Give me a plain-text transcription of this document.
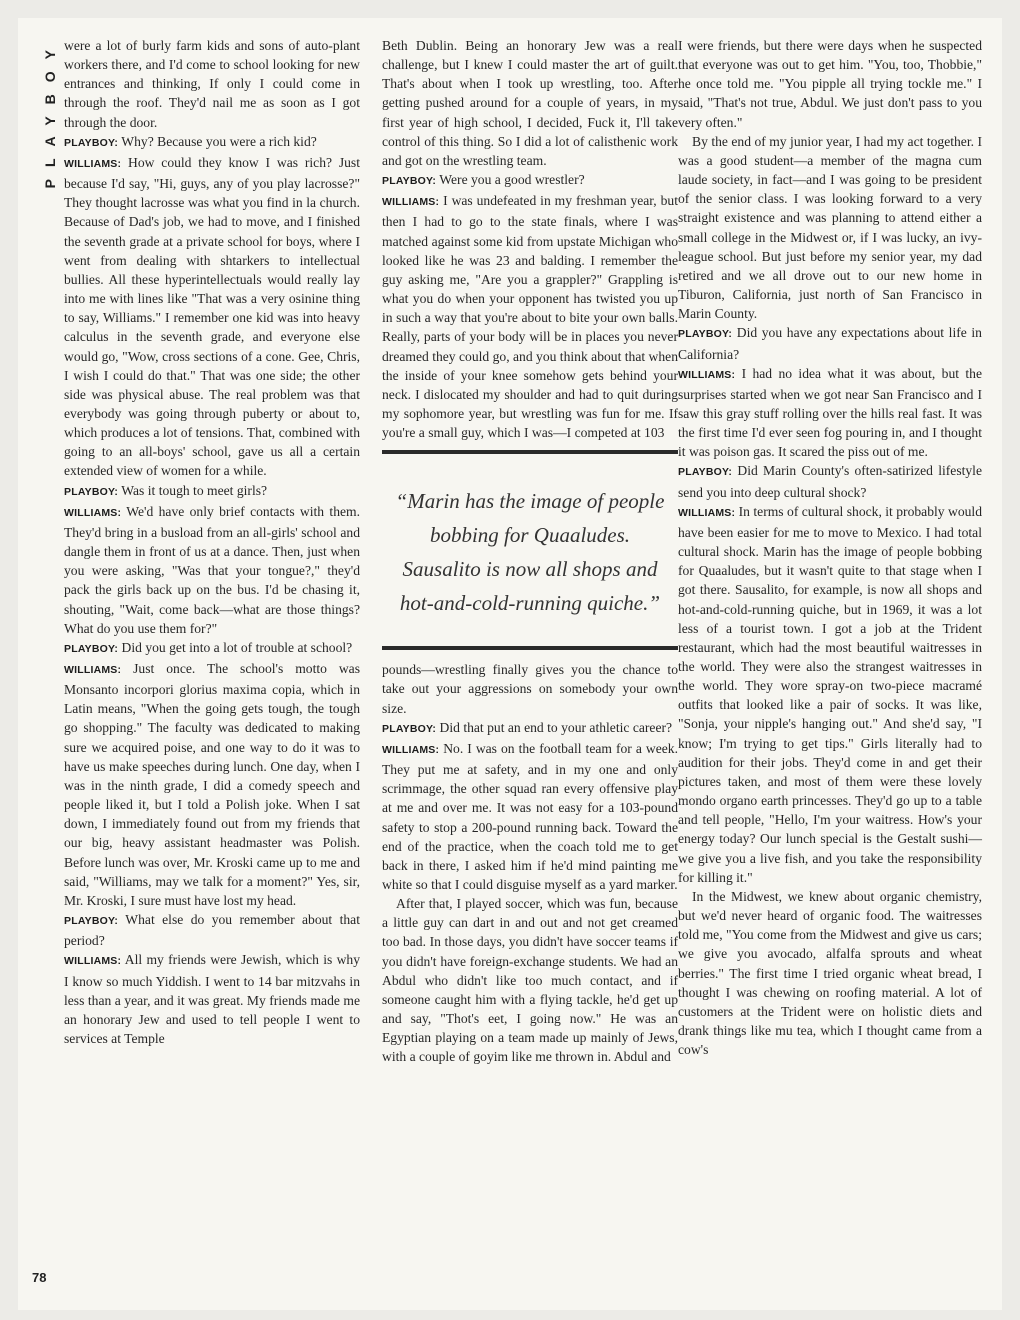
PLAYBOY
78

were a lot of burly farm kids and sons of auto-plant workers there, and I'd come to school looking for new entrances and thinking, If only I could come in through the roof. They'd nail me as soon as I got through the door.

PLAYBOY: Why? Because you were a rich kid?

WILLIAMS: How could they know I was rich? Just because I'd say, "Hi, guys, any of you play lacrosse?" They thought lacrosse was what you find in la church. Because of Dad's job, we had to move, and I finished the seventh grade at a private school for boys, where I went from dealing with shtarkers to intellectual bullies. All these hyperintellectuals would really lay into me with lines like "That was a very osinine thing to say, Williams." I remember one kid was into heavy calculus in the seventh grade, and everyone else would go, "Wow, cross sections of a cone. Gee, Chris, I wish I could do that." That was one side; the other side was physical abuse. The real problem was that everybody was going through puberty or about to, which produces a lot of tensions. That, combined with going to an all-boys' school, gave us all a certain extended view of women for a while.

PLAYBOY: Was it tough to meet girls?

WILLIAMS: We'd have only brief contacts with them. They'd bring in a busload from an all-girls' school and dangle them in front of us at a dance. Then, just when you were asking, "Was that your tongue?," they'd pack the girls back up on the bus. I'd be chasing it, shouting, "Wait, come back—what are those things? What do you use them for?"

PLAYBOY: Did you get into a lot of trouble at school?

WILLIAMS: Just once. The school's motto was Monsanto incorpori glorius maxima copia, which in Latin means, "When the going gets tough, the tough go shopping." The faculty was dedicated to making sure we acquired poise, and one way to do it was to have us make speeches during lunch. One day, when I was in the ninth grade, I did a comedy speech and people liked it, but I told a Polish joke. When I sat down, I immediately found out from my friends that our big, heavy assistant headmaster was Polish. Before lunch was over, Mr. Kroski came up to me and said, "Williams, may we talk for a moment?" Yes, sir, Mr. Kroski, I sure must have lost my head.

PLAYBOY: What else do you remember about that period?

WILLIAMS: All my friends were Jewish, which is why I know so much Yiddish. I went to 14 bar mitzvahs in less than a year, and it was great. My friends made me an honorary Jew and used to tell people I went to services at Temple

Beth Dublin. Being an honorary Jew was a real challenge, but I knew I could master the art of guilt. That's about when I took up wrestling, too. After getting pushed around for a couple of years, in my first year of high school, I decided, Fuck it, I'll take control of this thing. So I did a lot of calisthenic work and got on the wrestling team.

PLAYBOY: Were you a good wrestler?

WILLIAMS: I was undefeated in my freshman year, but then I had to go to the state finals, where I was matched against some kid from upstate Michigan who looked like he was 23 and balding. I remember the guy asking me, "Are you a grappler?" Grappling is what you do when your opponent has twisted you up in such a way that you're about to bite your own balls. Really, parts of your body will be in places you never dreamed they could go, and you think about that when the inside of your knee somehow gets behind your neck. I dislocated my shoulder and had to quit during my sophomore year, but wrestling was fun for me. If you're a small guy, which I was—I competed at 103

“Marin has the image of people bobbing for Quaaludes. Sausalito is now all shops and hot-and-cold-running quiche.”

pounds—wrestling finally gives you the chance to take out your aggressions on somebody your own size.

PLAYBOY: Did that put an end to your athletic career?

WILLIAMS: No. I was on the football team for a week. They put me at safety, and in my one and only scrimmage, the other squad ran every offensive play at me and over me. It was not easy for a 103-pound safety to stop a 200-pound running back. Toward the end of the practice, when the coach told me to get back in there, I asked him if he'd mind painting me white so that I could disguise myself as a yard marker.

After that, I played soccer, which was fun, because a little guy can dart in and out and not get creamed too bad. In those days, you didn't have soccer teams if you didn't have foreign-exchange students. We had an Abdul who didn't like too much contact, and if someone caught him with a flying tackle, he'd get up and say, "Thot's eet, I going now." He was an Egyptian playing on a team made up mainly of Jews, with a couple of goyim like me thrown in. Abdul and

I were friends, but there were days when he suspected that everyone was out to get him. "You, too, Thobbie," he once told me. "You pipple all trying tockle me." I said, "That's not true, Abdul. We just don't pass to you very often."

By the end of my junior year, I had my act together. I was a good student—a member of the magna cum laude society, in fact—and I was going to be president of the senior class. I was looking forward to a very straight existence and was planning to attend either a small college in the Midwest or, if I was lucky, an ivy-league school. But just before my senior year, my dad retired and we all drove out to our new home in Tiburon, California, just north of San Francisco in Marin County.

PLAYBOY: Did you have any expectations about life in California?

WILLIAMS: I had no idea what it was about, but the surprises started when we got near San Francisco and I saw this gray stuff rolling over the hills real fast. It was the first time I'd ever seen fog pouring in, and I thought it was poison gas. It scared the piss out of me.

PLAYBOY: Did Marin County's often-satirized lifestyle send you into deep cultural shock?

WILLIAMS: In terms of cultural shock, it probably would have been easier for me to move to Mexico. I had total cultural shock. Marin has the image of people bobbing for Quaaludes, but it wasn't quite to that stage when I got there. Sausalito, for example, is now all shops and hot-and-cold-running quiche, but in 1969, it was a lot less of a tourist town. I got a job at the Trident restaurant, which had the most beautiful waitresses in the world. They were also the strangest waitresses in the world. They wore spray-on two-piece macramé outfits that looked like a pair of socks. It was like, "Sonja, your nipple's hanging out." And she'd say, "I know; I'm trying to get tips." Girls literally had to audition for their jobs. They'd come in and get their pictures taken, and most of them were these lovely mondo organo earth princesses. They'd go up to a table and tell people, "Hello, I'm your waitress. How's your energy today? Our lunch special is the Gestalt sushi—we give you a live fish, and you take the responsibility for killing it."

In the Midwest, we knew about organic chemistry, but we'd never heard of organic food. The waitresses told me, "You come from the Midwest and give us cars; we give you avocado, alfalfa sprouts and wheat berries." The first time I tried organic wheat bread, I thought I was chewing on roofing material. A lot of customers at the Trident were on holistic diets and drank things like mu tea, which I thought came from a cow's
